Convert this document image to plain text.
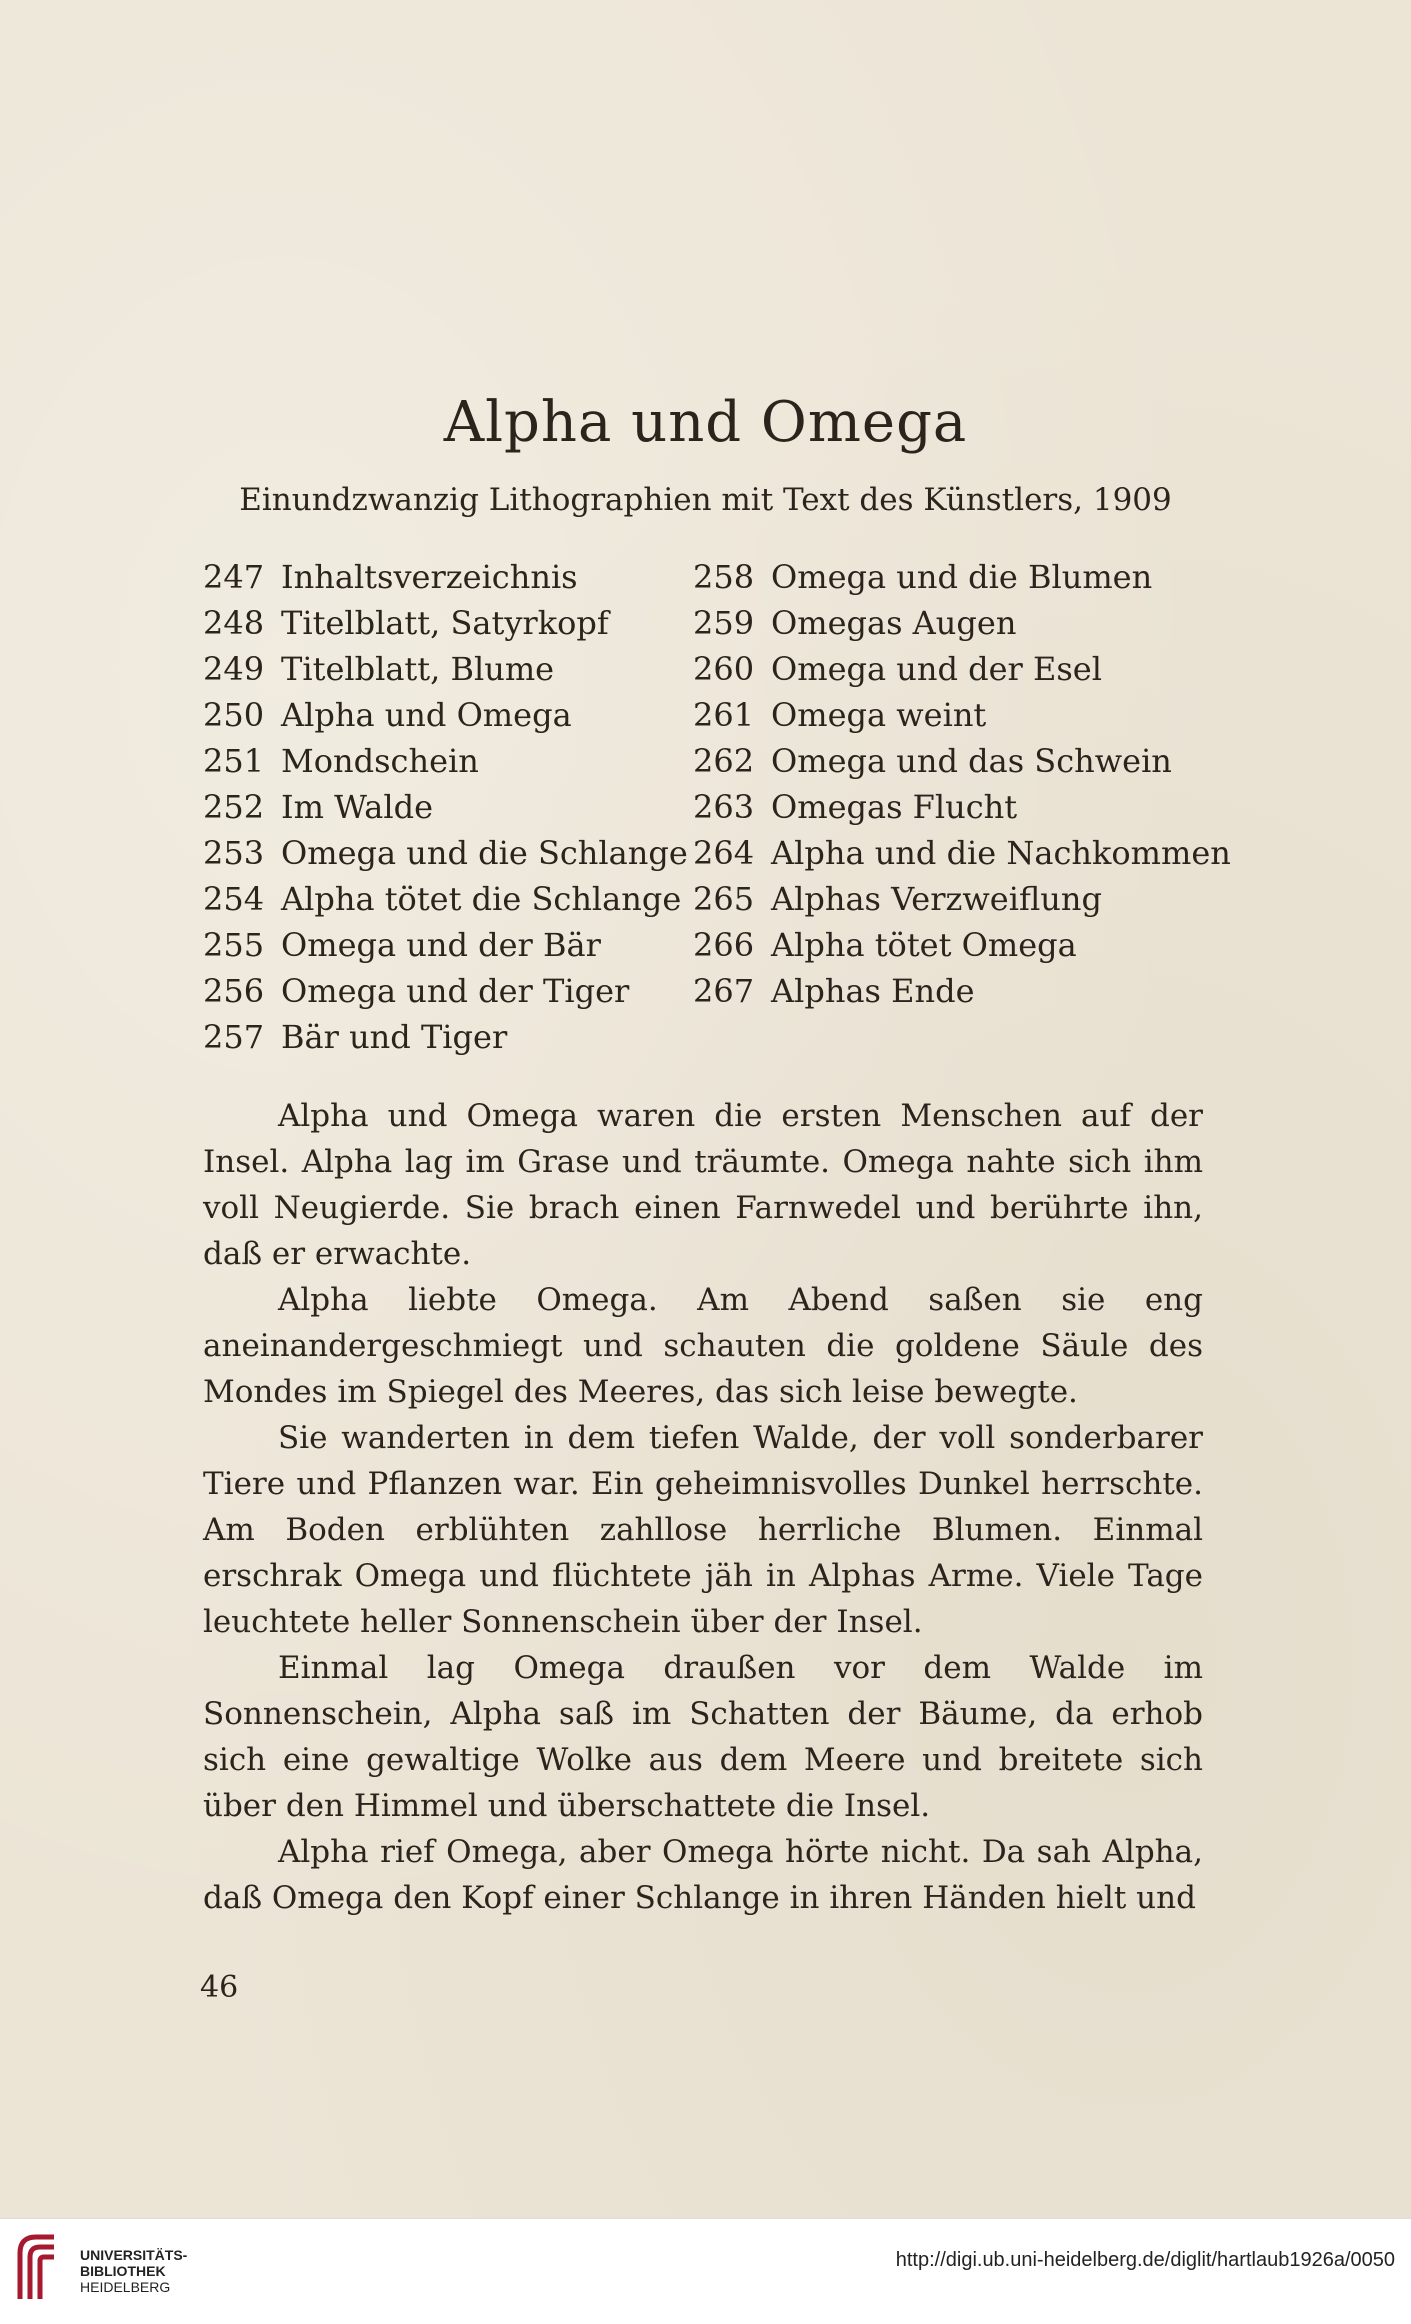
Alpha und Omega
Einundzwanzig Lithographien mit Text des Künstlers, 1909
247 Inhaltsverzeichnis
248 Titelblatt, Satyrkopf
249 Titelblatt, Blume
250 Alpha und Omega
251 Mondschein
252 Im Walde
253 Omega und die Schlange
254 Alpha tötet die Schlange
255 Omega und der Bär
256 Omega und der Tiger
257 Bär und Tiger
258 Omega und die Blumen
259 Omegas Augen
260 Omega und der Esel
261 Omega weint
262 Omega und das Schwein
263 Omegas Flucht
264 Alpha und die Nachkommen
265 Alphas Verzweiflung
266 Alpha tötet Omega
267 Alphas Ende

Alpha und Omega waren die ersten Menschen auf der Insel. Alpha lag im Grase und träumte. Omega nahte sich ihm voll Neugierde. Sie brach einen Farnwedel und berührte ihn, daß er erwachte.

Alpha liebte Omega. Am Abend saßen sie eng aneinandergeschmiegt und schauten die goldene Säule des Mondes im Spiegel des Meeres, das sich leise bewegte.

Sie wanderten in dem tiefen Walde, der voll sonderbarer Tiere und Pflanzen war. Ein geheimnisvolles Dunkel herrschte. Am Boden erblühten zahllose herrliche Blumen. Einmal erschrak Omega und flüchtete jäh in Alphas Arme. Viele Tage leuchtete heller Sonnenschein über der Insel.

Einmal lag Omega draußen vor dem Walde im Sonnenschein, Alpha saß im Schatten der Bäume, da erhob sich eine gewaltige Wolke aus dem Meere und breitete sich über den Himmel und überschattete die Insel.

Alpha rief Omega, aber Omega hörte nicht. Da sah Alpha, daß Omega den Kopf einer Schlange in ihren Händen hielt und

46
UNIVERSITÄTS-
BIBLIOTHEK
HEIDELBERG
http://digi.ub.uni-heidelberg.de/diglit/hartlaub1926a/0050
